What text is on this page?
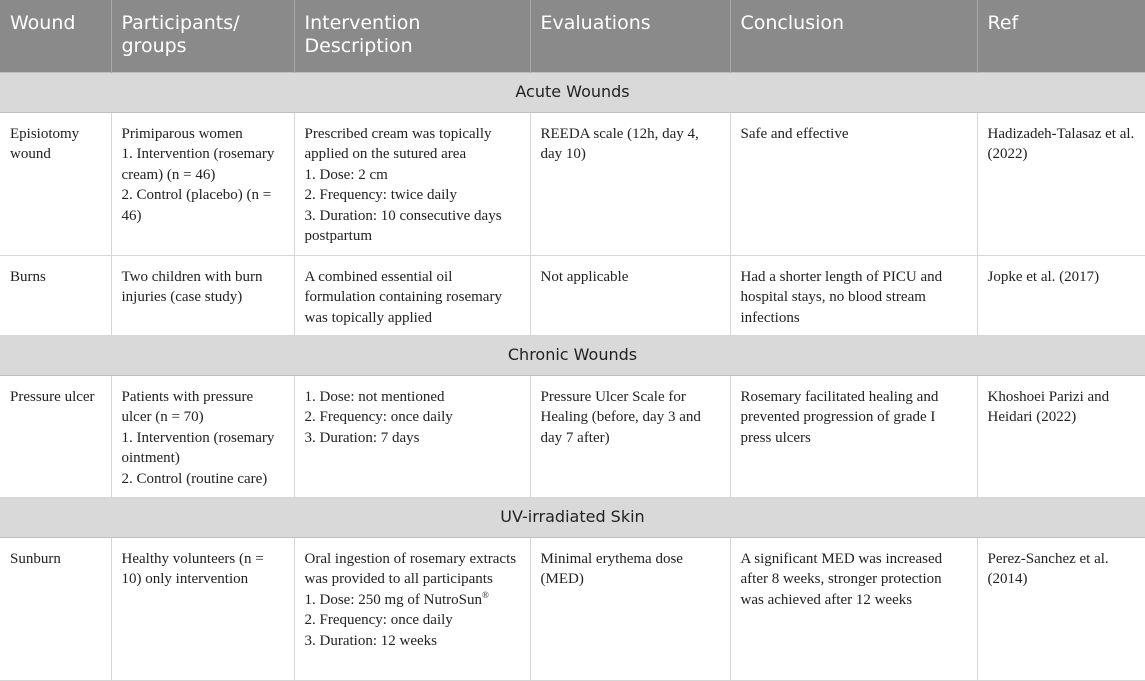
Wound	Participants/ groups	Intervention Description	Evaluations	Conclusion	Ref
Acute Wounds					
Episiotomy wound	Primiparous women
1. Intervention (rosemary cream) (n = 46)
2. Control (placebo) (n = 46)	Prescribed cream was topically applied on the sutured area
1. Dose: 2 cm
2. Frequency: twice daily
3. Duration: 10 consecutive days postpartum	REEDA scale (12h, day 4, day 10)	Safe and effective	Hadizadeh-Talasaz et al. (2022)
Burns	Two children with burn injuries (case study)	A combined essential oil formulation containing rosemary was topically applied	Not applicable	Had a shorter length of PICU and hospital stays, no blood stream infections	Jopke et al. (2017)
Chronic Wounds					
Pressure ulcer	Patients with pressure ulcer (n = 70)
1. Intervention (rosemary ointment)
2. Control (routine care)	1. Dose: not mentioned
2. Frequency: once daily
3. Duration: 7 days	Pressure Ulcer Scale for Healing (before, day 3 and day 7 after)	Rosemary facilitated healing and prevented progression of grade I press ulcers	Khoshoei Parizi and Heidari (2022)
UV-irradiated Skin					
Sunburn	Healthy volunteers (n = 10) only intervention	Oral ingestion of rosemary extracts was provided to all participants
1. Dose: 250 mg of NutroSun®
2. Frequency: once daily
3. Duration: 12 weeks	Minimal erythema dose (MED)	A significant MED was increased after 8 weeks, stronger protection was achieved after 12 weeks	Perez-Sanchez et al. (2014)
